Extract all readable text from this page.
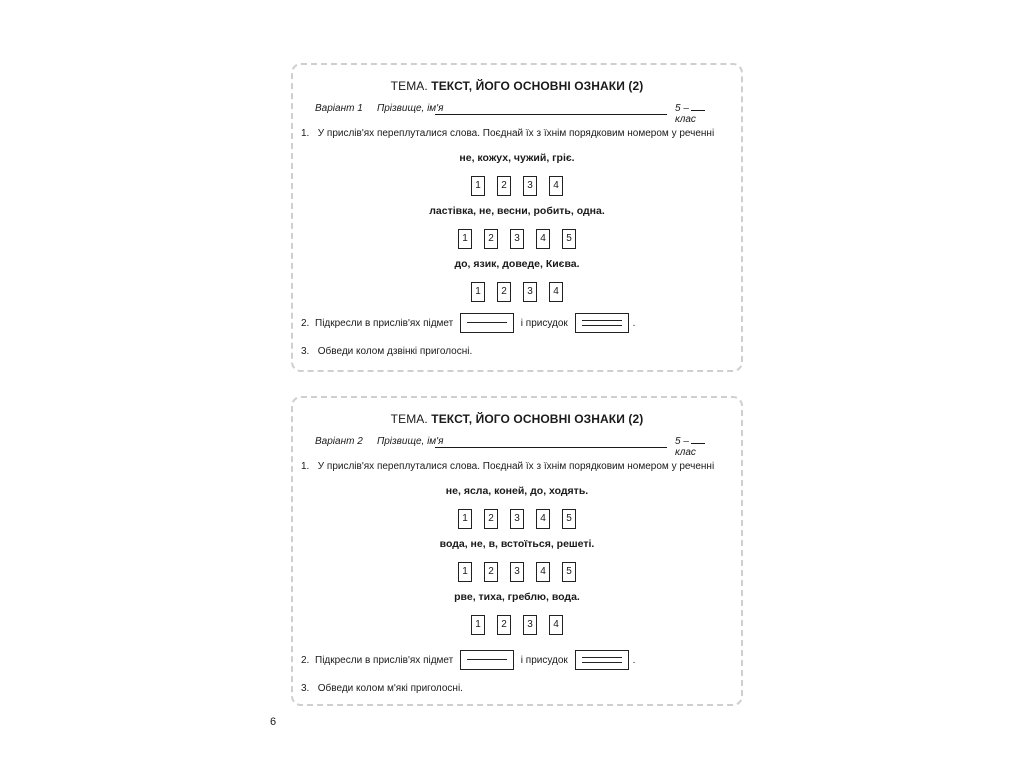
ТЕМА. ТЕКСТ, ЙОГО ОСНОВНІ ОЗНАКИ (2)
Варіант 1 Прізвище, ім'я	5 – клас
1. У прислів'ях переплуталися слова. Поєднай їх з їхнім порядковим номером у реченні
не, кожух, чужий, гріє.
1 2 3 4
ластівка, не, весни, робить, одна.
1 2 3 4 5
до, язик, доведе, Києва.
1 2 3 4
2. Підкресли в прислів'ях підмет	і присудок	.
3. Обведи колом дзвінкі приголосні.
ТЕМА. ТЕКСТ, ЙОГО ОСНОВНІ ОЗНАКИ (2)
Варіант 2 Прізвище, ім'я	5 – клас
1. У прислів'ях переплуталися слова. Поєднай їх з їхнім порядковим номером у реченні
не, ясла, коней, до, ходять.
1 2 3 4 5
вода, не, в, встоїться, решеті.
1 2 3 4 5
рве, тиха, греблю, вода.
1 2 3 4
2. Підкресли в прислів'ях підмет	і присудок	.
3. Обведи колом м'які приголосні.
6
